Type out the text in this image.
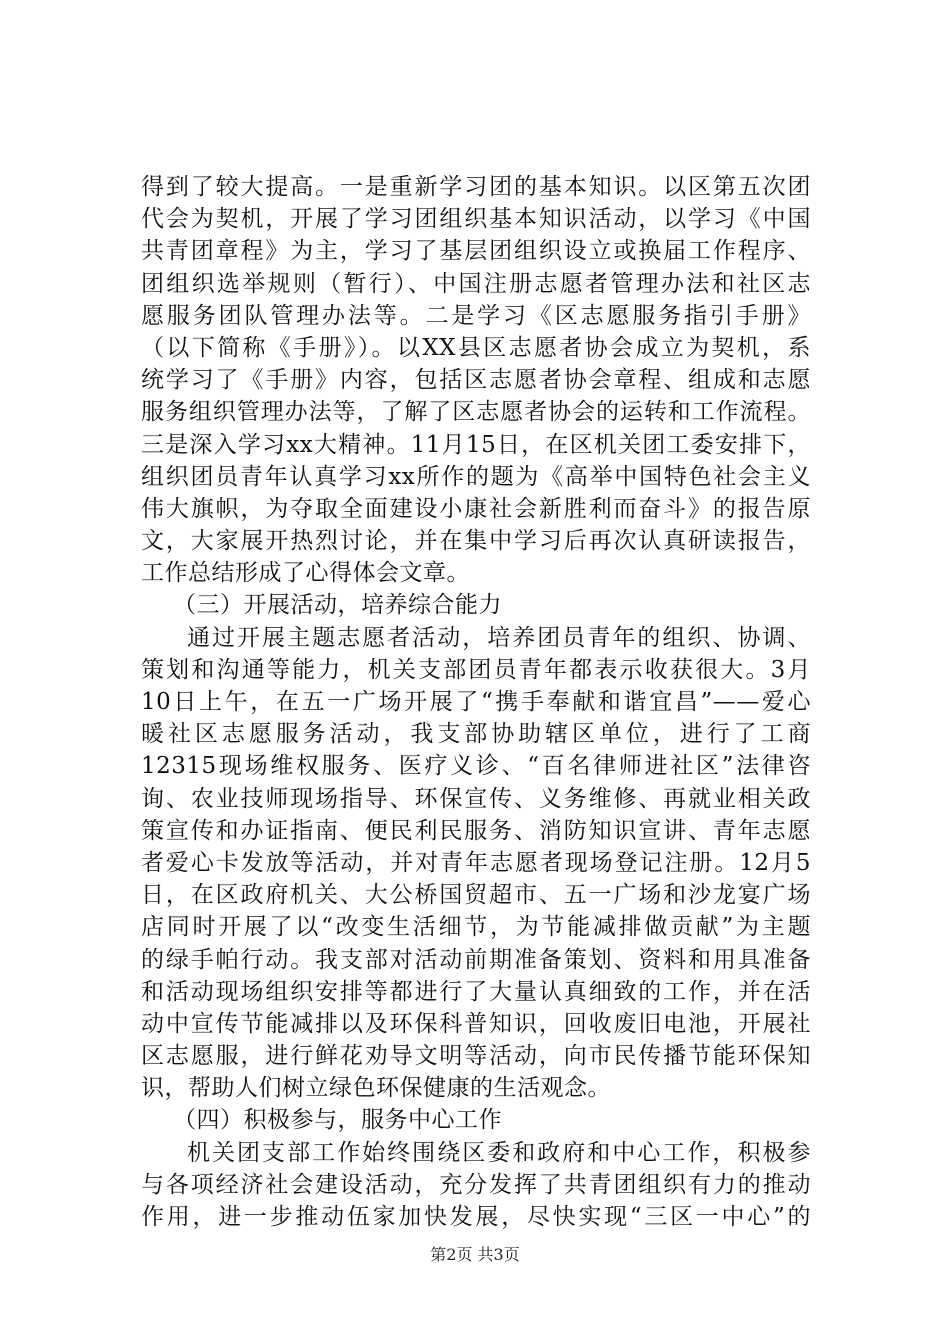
得到了较大提高。一是重新学习团的基本知识。以区第五次团
代会为契机，开展了学习团组织基本知识活动，以学习《中国
共青团章程》为主，学习了基层团组织设立或换届工作程序、
团组织选举规则（暂行）、中国注册志愿者管理办法和社区志
愿服务团队管理办法等。二是学习《区志愿服务指引手册》
（以下简称《手册》）。以XX县区志愿者协会成立为契机，系
统学习了《手册》内容，包括区志愿者协会章程、组成和志愿
服务组织管理办法等，了解了区志愿者协会的运转和工作流程。
三是深入学习xx大精神。11月15日，在区机关团工委安排下，
组织团员青年认真学习xx所作的题为《高举中国特色社会主义
伟大旗帜，为夺取全面建设小康社会新胜利而奋斗》的报告原
文，大家展开热烈讨论，并在集中学习后再次认真研读报告，
工作总结形成了心得体会文章。
（三）开展活动，培养综合能力
通过开展主题志愿者活动，培养团员青年的组织、协调、
策划和沟通等能力，机关支部团员青年都表示收获很大。3月
10日上午，在五一广场开展了“携手奉献和谐宜昌”——爱心
暖社区志愿服务活动，我支部协助辖区单位，进行了工商
12315现场维权服务、医疗义诊、“百名律师进社区”法律咨
询、农业技师现场指导、环保宣传、义务维修、再就业相关政
策宣传和办证指南、便民利民服务、消防知识宣讲、青年志愿
者爱心卡发放等活动，并对青年志愿者现场登记注册。12月5
日，在区政府机关、大公桥国贸超市、五一广场和沙龙宴广场
店同时开展了以“改变生活细节，为节能减排做贡献”为主题
的绿手帕行动。我支部对活动前期准备策划、资料和用具准备
和活动现场组织安排等都进行了大量认真细致的工作，并在活
动中宣传节能减排以及环保科普知识，回收废旧电池，开展社
区志愿服，进行鲜花劝导文明等活动，向市民传播节能环保知
识，帮助人们树立绿色环保健康的生活观念。
（四）积极参与，服务中心工作
机关团支部工作始终围绕区委和政府和中心工作，积极参
与各项经济社会建设活动，充分发挥了共青团组织有力的推动
作用，进一步推动伍家加快发展，尽快实现“三区一中心”的
第2页 共3页
